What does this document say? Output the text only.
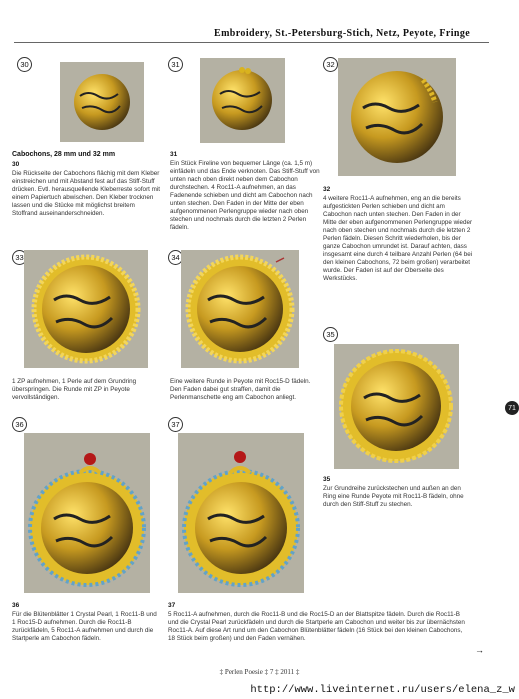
Embroidery, St.-Petersburg-Stich, Netz, Peyote, Fringe
30
Cabochons, 28 mm und 32 mm
30
Die Rückseite der Cabochons flächig mit dem Kleber einstreichen und mit Abstand fest auf das Stiff-Stuff drücken. Evtl. herausquellende Kleberreste sofort mit einem Papiertuch abwischen. Den Kleber trocknen lassen und die Stücke mit möglichst breitem Stoffrand auseinanderschneiden.
31
31
Ein Stück Fireline von bequemer Länge (ca. 1,5 m) einfädeln und das Ende verknoten. Das Stiff-Stuff von unten nach oben direkt neben dem Cabochon durchstechen. 4 Roc11-A aufnehmen, an das Fadenende schieben und dicht am Cabochon nach unten stechen. Den Faden in der Mitte der eben aufgenommenen Perlengruppe wieder nach oben stechen und nochmals durch die letzten 2 Perlen fädeln.
32
32
4 weitere Roc11-A aufnehmen, eng an die bereits aufgestickten Perlen schieben und dicht am Cabochon nach unten stechen. Den Faden in der Mitte der eben aufgenommenen Perlengruppe wieder nach oben stechen und nochmals durch die letzten 2 Perlen fädeln. Diesen Schritt wiederholen, bis der ganze Cabochon umrundet ist. Darauf achten, dass insgesamt eine durch 4 teilbare Anzahl Perlen (64 bei den kleinen Cabochons, 72 beim großen) verarbeitet wurde. Der Faden ist auf der Oberseite des Werkstücks.
33
1 ZP aufnehmen, 1 Perle auf dem Grundring überspringen. Die Runde mit ZP in Peyote vervollständigen.
34
Eine weitere Runde in Peyote mit Roc15-D fädeln. Den Faden dabei gut straffen, damit die Perlenmanschette eng am Cabochon anliegt.
35
35
Zur Grundreihe zurückstechen und außen an den Ring eine Runde Peyote mit Roc11-B fädeln, ohne durch den Stiff-Stuff zu stechen.
36
36
Für die Blütenblätter 1 Crystal Pearl, 1 Roc11-B und 1 Roc15-D aufnehmen. Durch die Roc11-B zurückfädeln, 5 Roc11-A aufnehmen und durch die Startperle am Cabochon fädeln.
37
37
5 Roc11-A aufnehmen, durch die Roc11-B und die Roc15-D an der Blattspitze fädeln. Durch die Roc11-B und die Crystal Pearl zurückfädeln und durch die Startperle am Cabochon und weiter bis zur übernächsten Roc11-A. Auf diese Art rund um den Cabochon Blütenblätter fädeln (16 Stück bei den kleinen Cabochons, 18 Stück beim großen) und den Faden vernähen.
→
71
‡ Perlen Poesie ‡ 7 ‡ 2011 ‡
http://www.liveinternet.ru/users/elena_z_w
